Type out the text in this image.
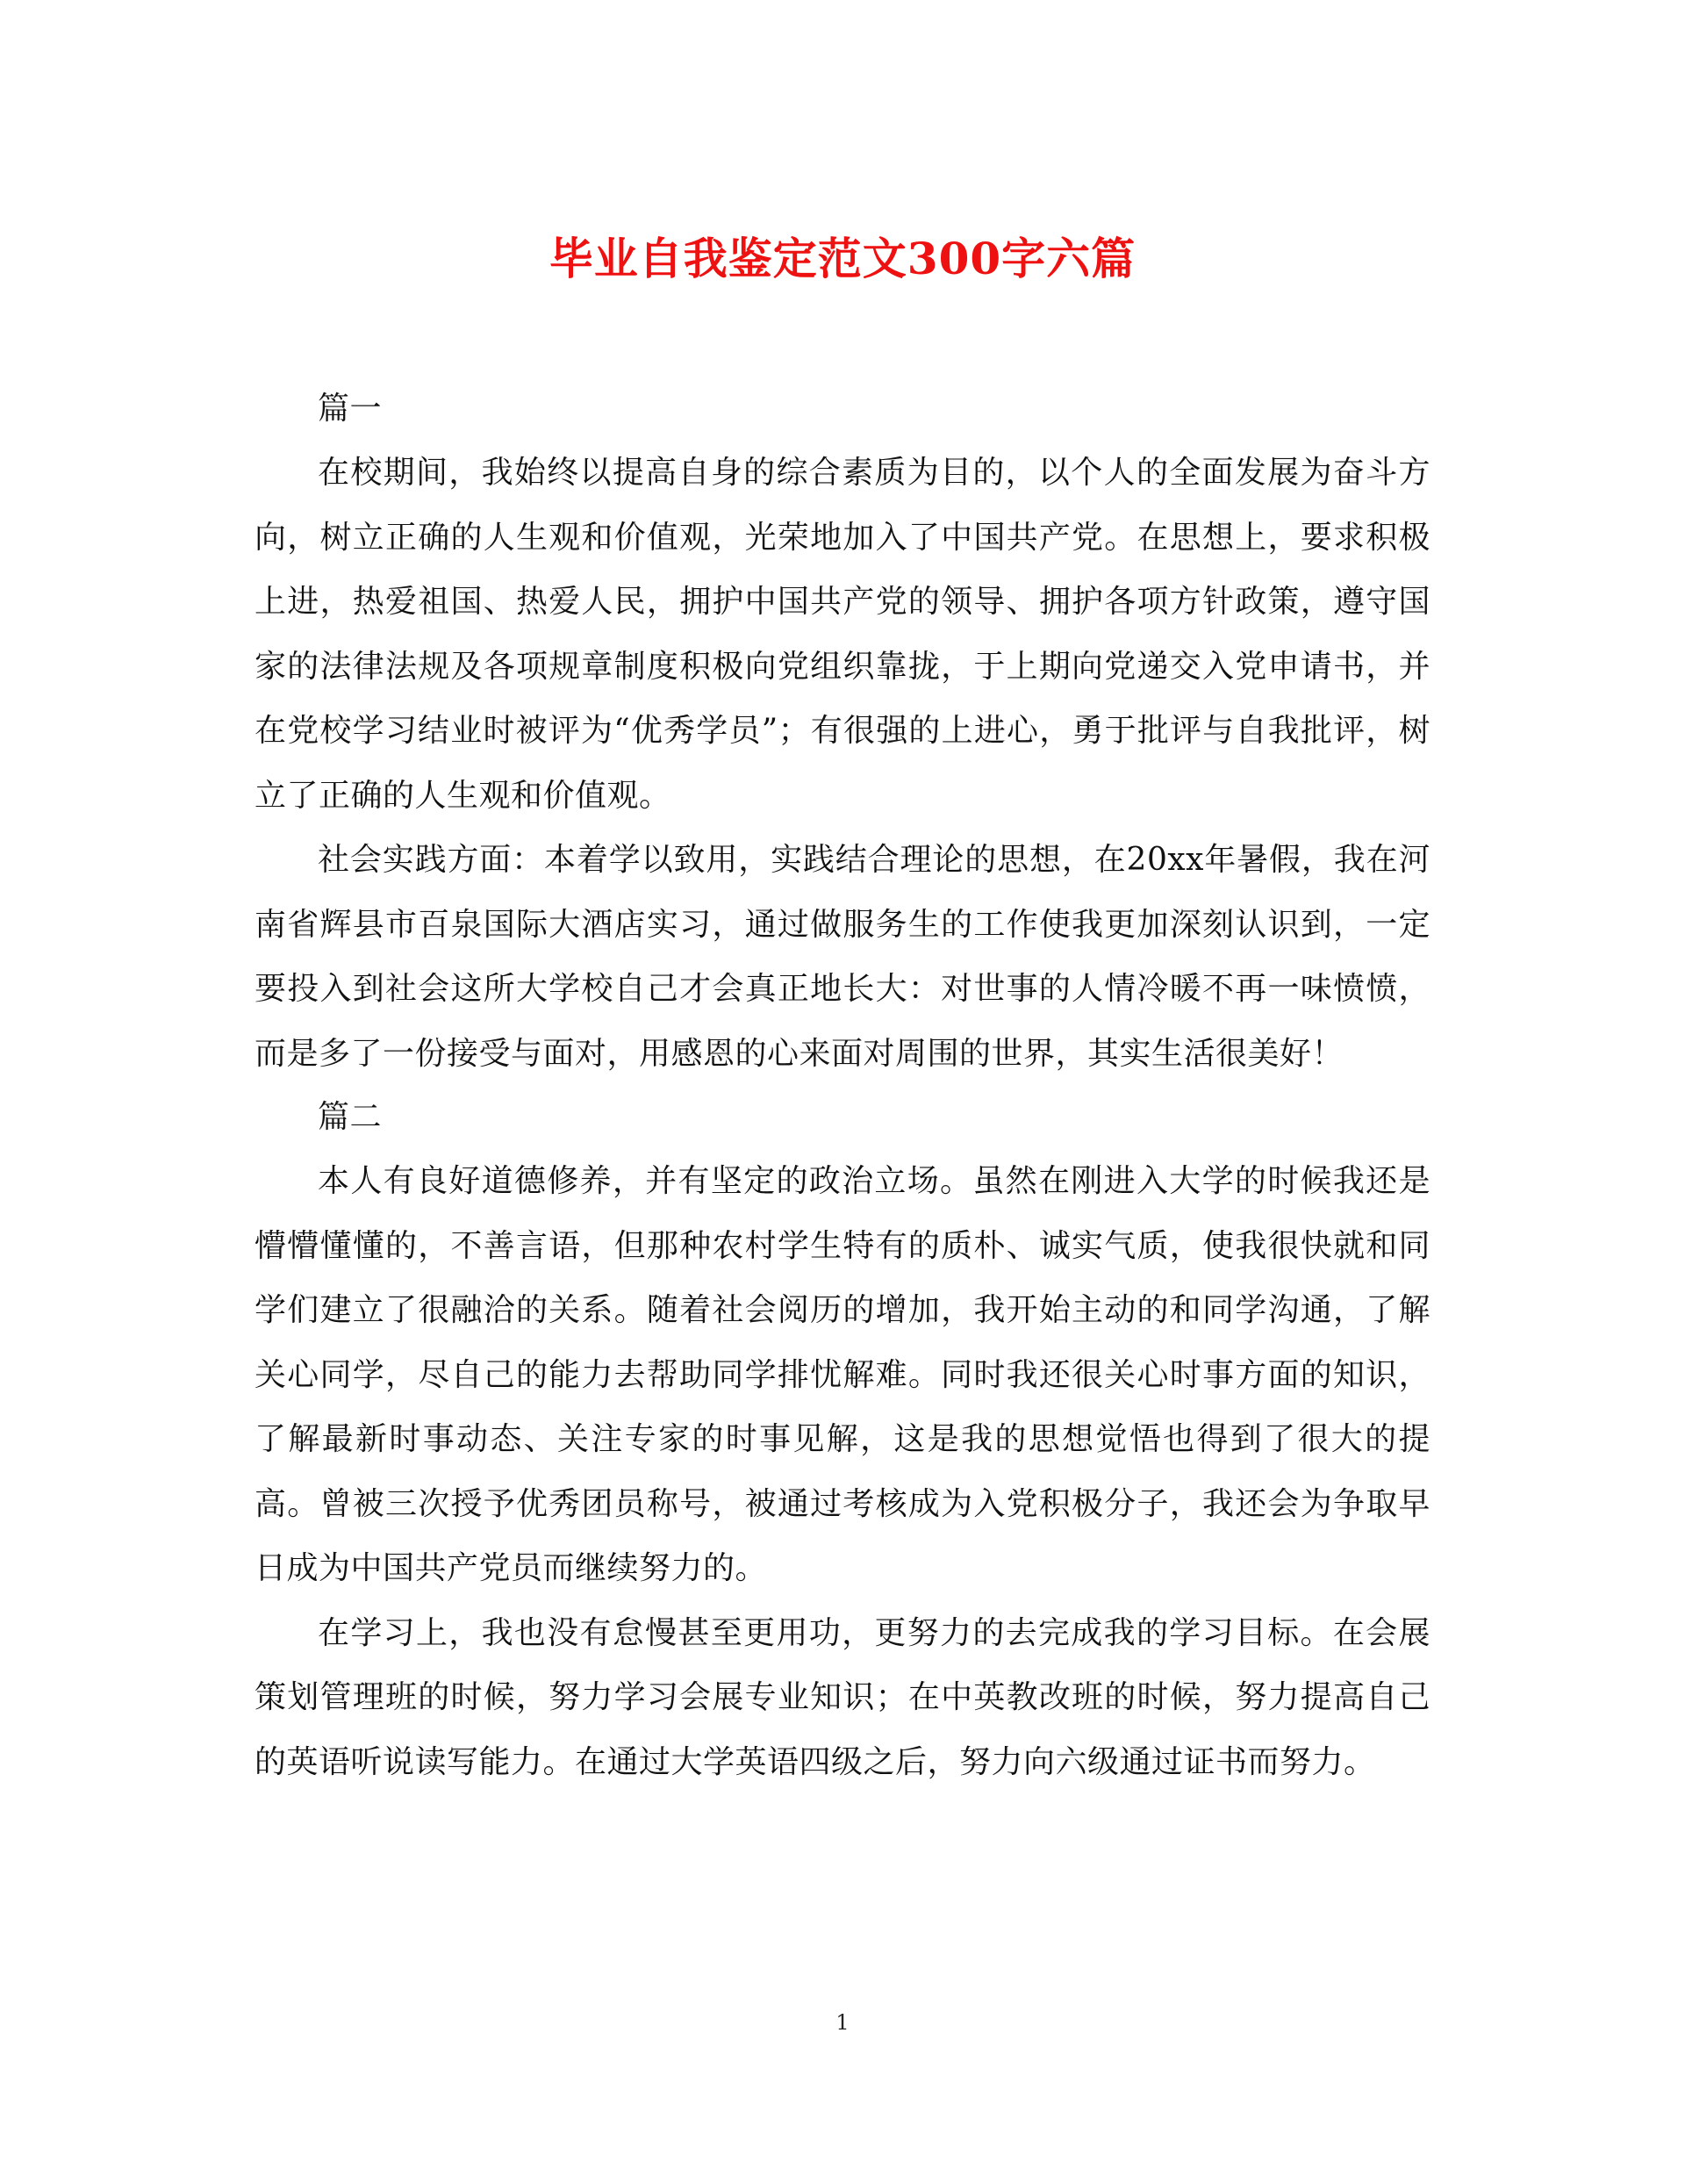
毕业自我鉴定范文300字六篇

篇一

在校期间，我始终以提高自身的综合素质为目的，以个人的全面发展为奋斗方向，树立正确的人生观和价值观，光荣地加入了中国共产党。在思想上，要求积极上进，热爱祖国、热爱人民，拥护中国共产党的领导、拥护各项方针政策，遵守国家的法律法规及各项规章制度积极向党组织靠拢，于上期向党递交入党申请书，并在党校学习结业时被评为“优秀学员”；有很强的上进心，勇于批评与自我批评，树立了正确的人生观和价值观。

社会实践方面：本着学以致用，实践结合理论的思想，在20xx年暑假，我在河南省辉县市百泉国际大酒店实习，通过做服务生的工作使我更加深刻认识到，一定要投入到社会这所大学校自己才会真正地长大：对世事的人情冷暖不再一味愤愤，而是多了一份接受与面对，用感恩的心来面对周围的世界，其实生活很美好！

篇二

本人有良好道德修养，并有坚定的政治立场。虽然在刚进入大学的时候我还是懵懵懂懂的，不善言语，但那种农村学生特有的质朴、诚实气质，使我很快就和同学们建立了很融洽的关系。随着社会阅历的增加，我开始主动的和同学沟通，了解关心同学，尽自己的能力去帮助同学排忧解难。同时我还很关心时事方面的知识，了解最新时事动态、关注专家的时事见解，这是我的思想觉悟也得到了很大的提高。曾被三次授予优秀团员称号，被通过考核成为入党积极分子，我还会为争取早日成为中国共产党员而继续努力的。

在学习上，我也没有怠慢甚至更用功，更努力的去完成我的学习目标。在会展策划管理班的时候，努力学习会展专业知识；在中英教改班的时候，努力提高自己的英语听说读写能力。在通过大学英语四级之后，努力向六级通过证书而努力。

1
